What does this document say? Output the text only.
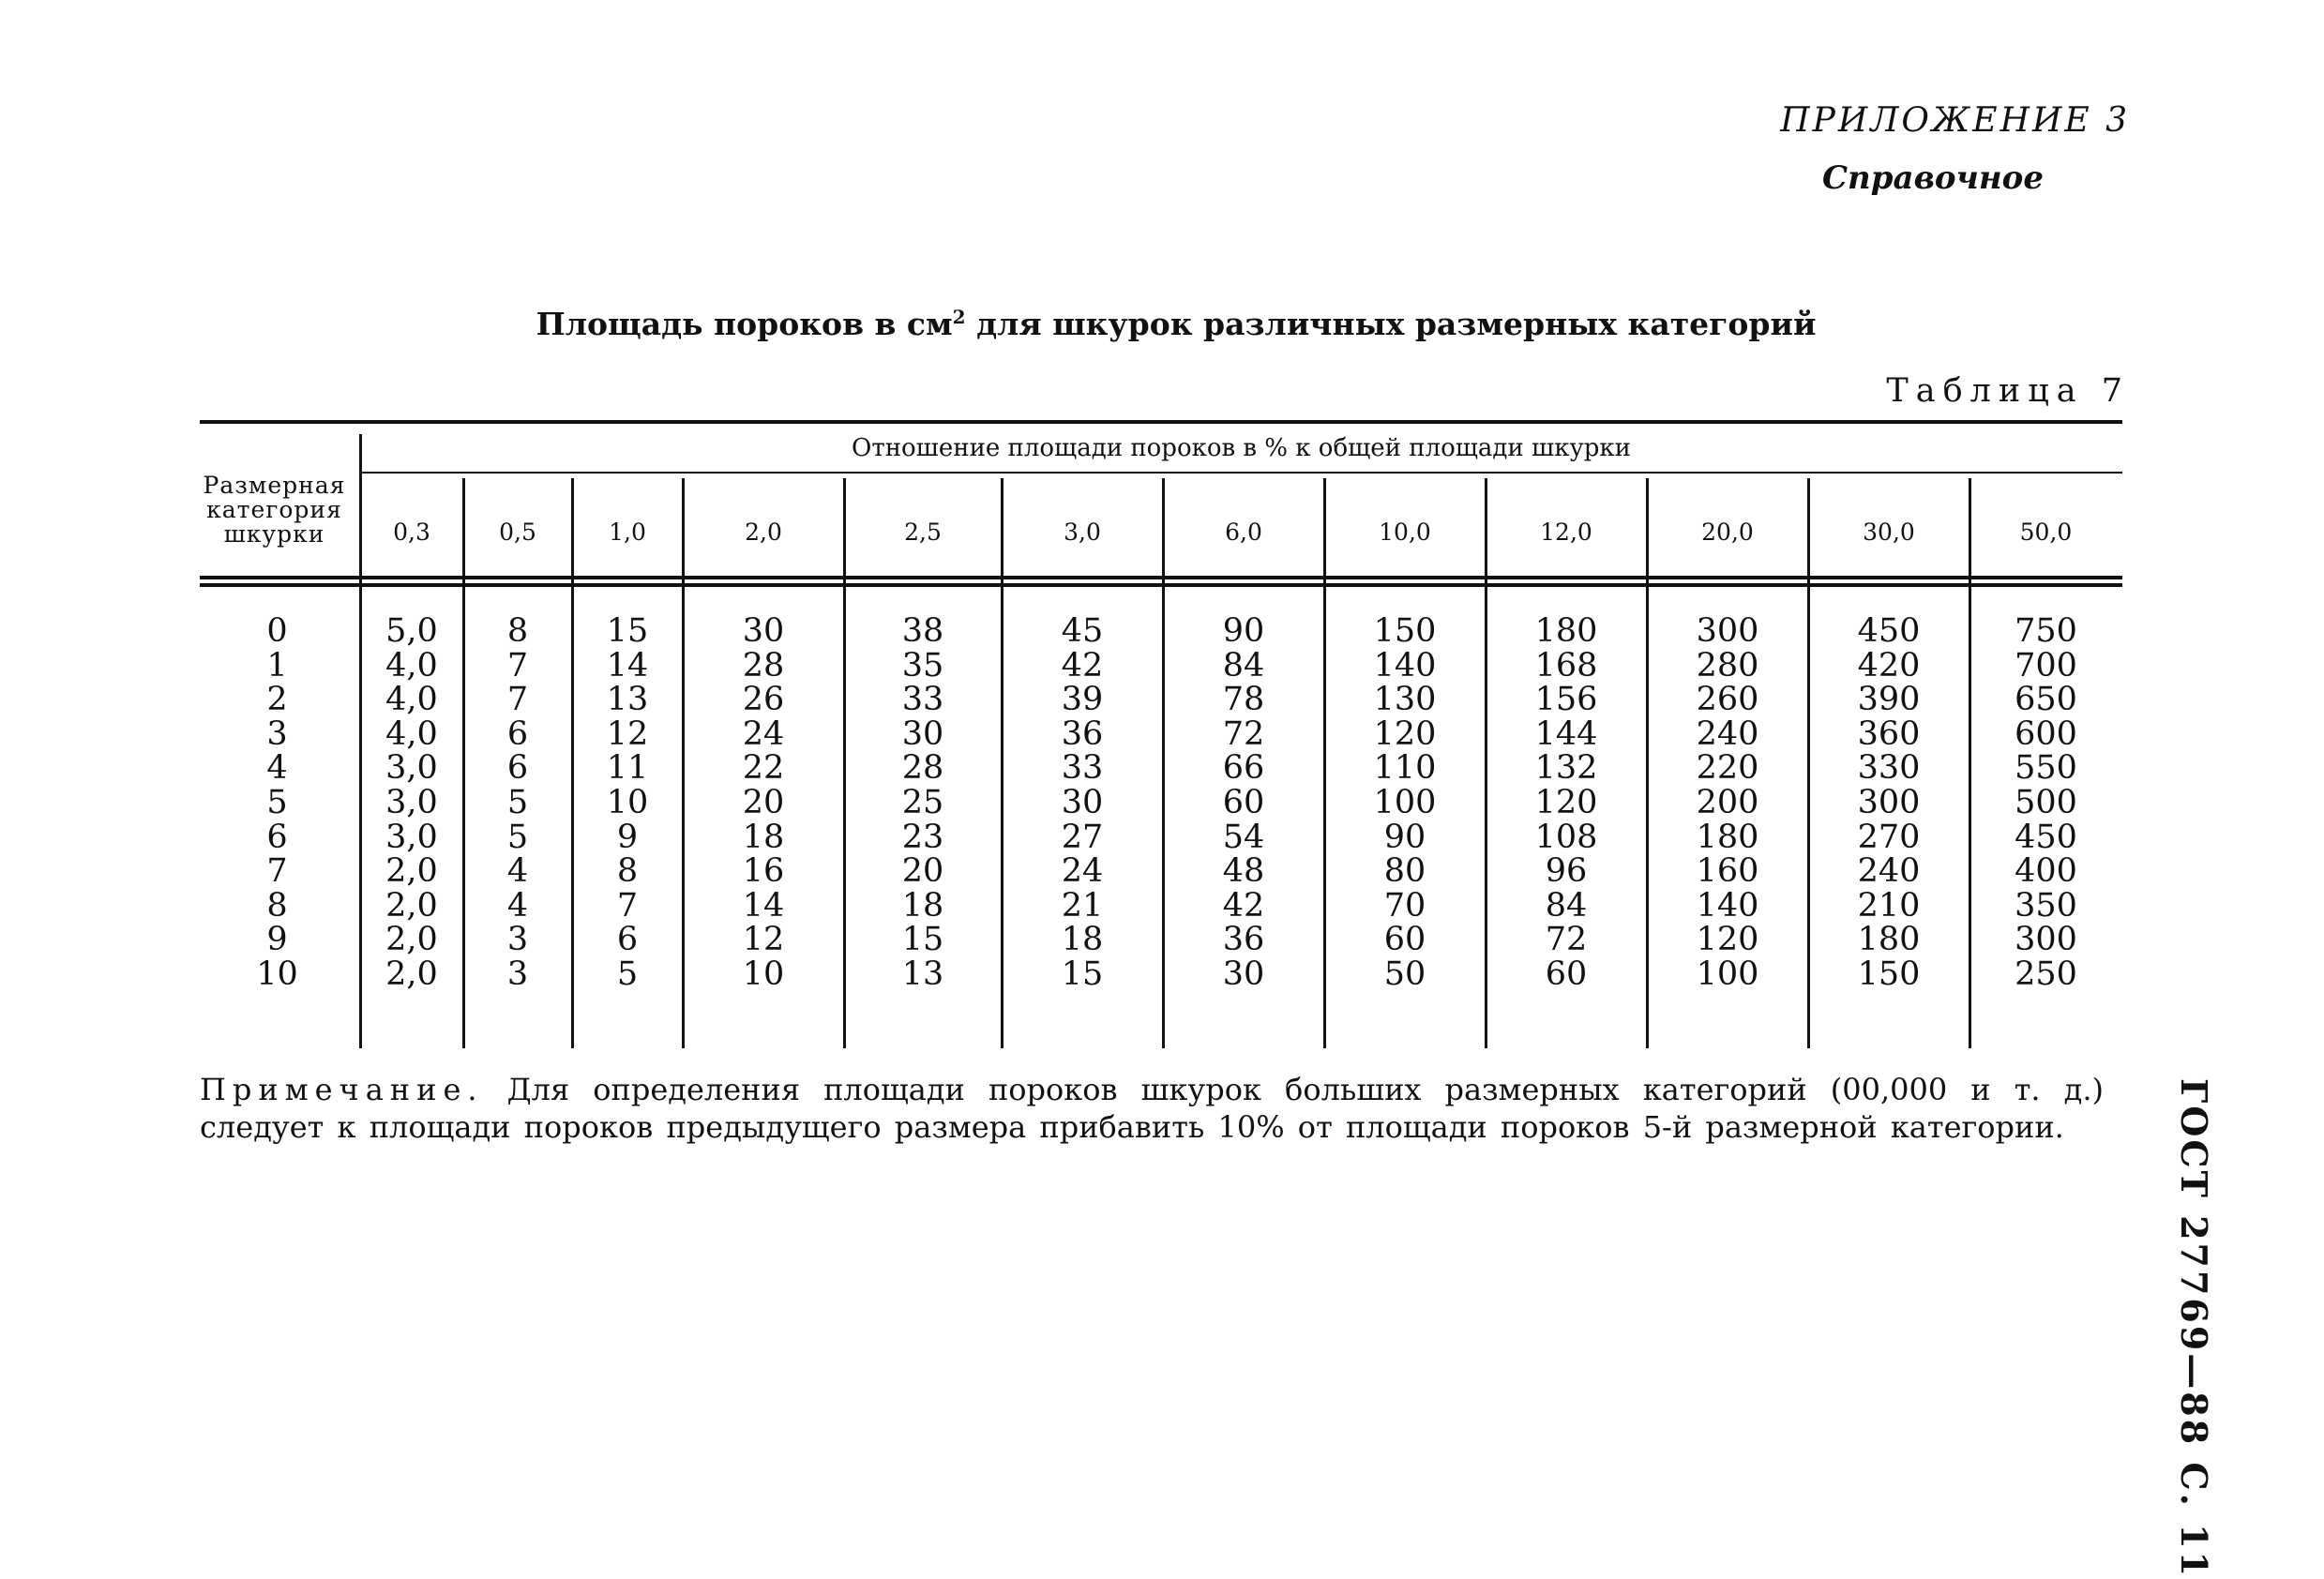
ПРИЛОЖЕНИЕ 3
Справочное
Площадь пороков в $см^2$ для шкурок различных размерных категорий
Таблица 7
Размерная категория шкурки
Отношение площади пороков в % к общей площади шкурки
0,3	0,5	1,0	2,0	2,5	3,0	6,0	10,0	12,0	20,0	30,0	50,0
0	5,0	8	15	30	38	45	90	150	180	300	450	750
1	4,0	7	14	28	35	42	84	140	168	280	420	700
2	4,0	7	13	26	33	39	78	130	156	260	390	650
3	4,0	6	12	24	30	36	72	120	144	240	360	600
4	3,0	6	11	22	28	33	66	110	132	220	330	550
5	3,0	5	10	20	25	30	60	100	120	200	300	500
6	3,0	5	9	18	23	27	54	90	108	180	270	450
7	2,0	4	8	16	20	24	48	80	96	160	240	400
8	2,0	4	7	14	18	21	42	70	84	140	210	350
9	2,0	3	6	12	15	18	36	60	72	120	180	300
10	2,0	3	5	10	13	15	30	50	60	100	150	250
Примечание. Для определения площади пороков шкурок больших размерных категорий (00,000 и т. д.) следует к площади пороков предыдущего размера прибавить 10% от площади пороков 5-й размерной категории.	ГОСТ 27769—88 С. 11
